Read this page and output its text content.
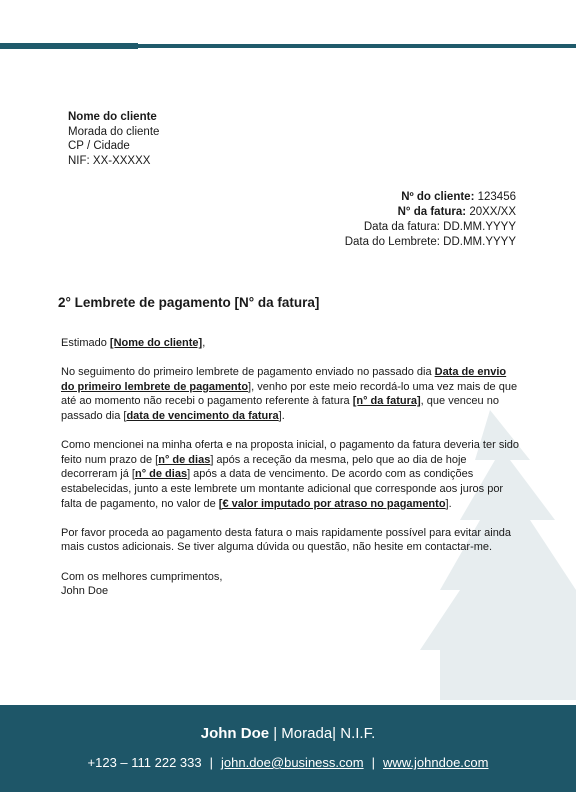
Nome do cliente
Morada do cliente
CP / Cidade
NIF: XX-XXXXX
Nº do cliente: 123456
N° da fatura: 20XX/XX
Data da fatura: DD.MM.YYYY
Data do Lembrete: DD.MM.YYYY
2° Lembrete de pagamento [N° da fatura]

Estimado [Nome do cliente],

No seguimento do primeiro lembrete de pagamento enviado no passado dia Data de envio do primeiro lembrete de pagamento], venho por este meio recordá-lo uma vez mais de que até ao momento não recebi o pagamento referente à fatura [n° da fatura], que venceu no passado dia [data de vencimento da fatura].

Como mencionei na minha oferta e na proposta inicial, o pagamento da fatura deveria ter sido feito num prazo de [n° de dias] após a receção da mesma, pelo que ao dia de hoje decorreram já [n° de dias] após a data de vencimento. De acordo com as condições estabelecidas, junto a este lembrete um montante adicional que corresponde aos juros por falta de pagamento, no valor de [€ valor imputado por atraso no pagamento].

Por favor proceda ao pagamento desta fatura o mais rapidamente possível para evitar ainda mais custos adicionais. Se tiver alguma dúvida ou questão, não hesite em contactar-me.

Com os melhores cumprimentos,
John Doe

John Doe | Morada| N.I.F.
+123 – 111 222 333 | john.doe@business.com | www.johndoe.com
